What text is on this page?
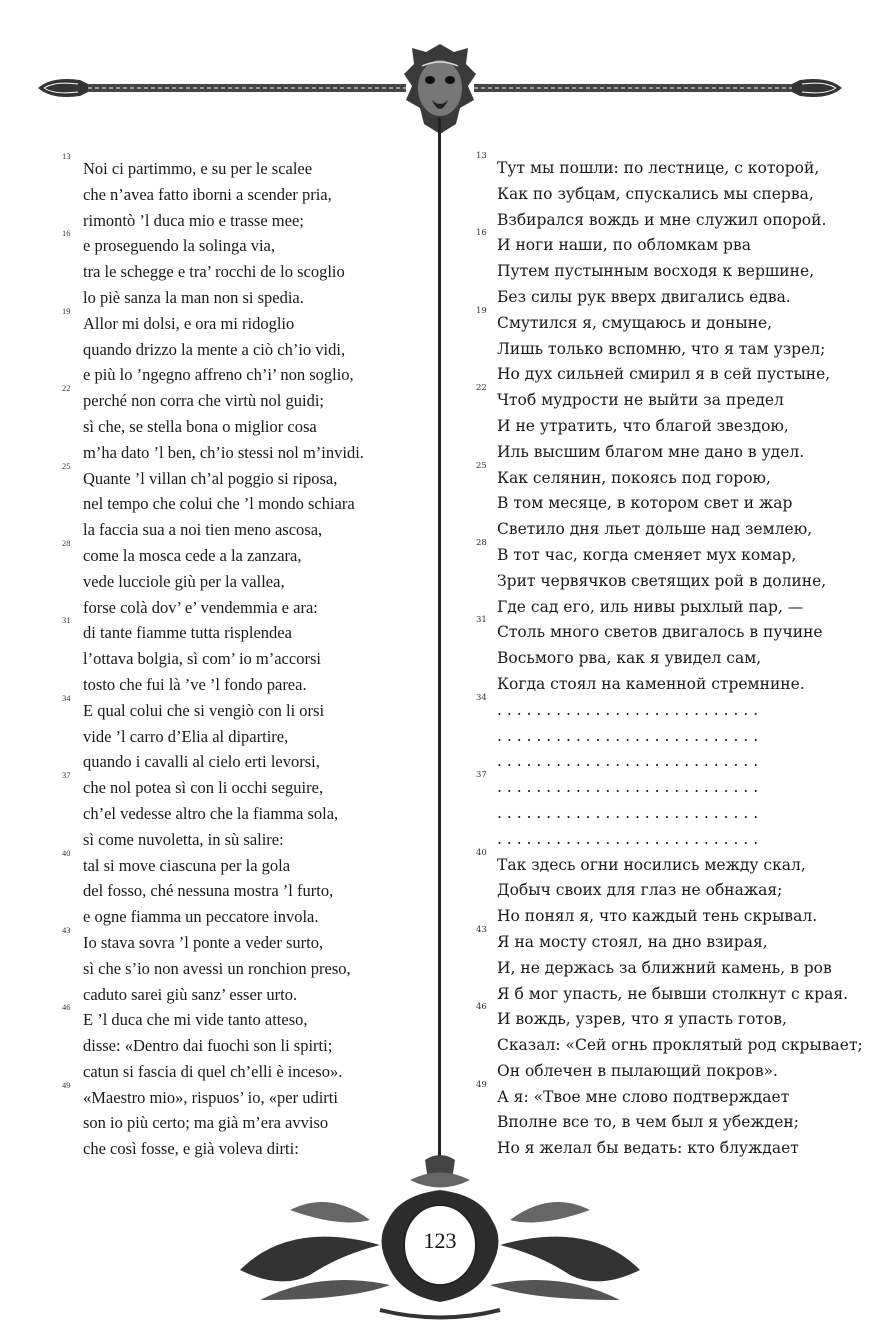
13
Noi ci partimmo, e su per le scalee
che n’avea fatto iborni a scender pria,
rimontò ’l duca mio e trasse mee;
16
e proseguendo la solinga via,
tra le schegge e tra’ rocchi de lo scoglio
lo piè sanza la man non si spedia.
19
Allor mi dolsi, e ora mi ridoglio
quando drizzo la mente a ciò ch’io vidi,
e più lo ’ngegno affreno ch’i’ non soglio,
22
perché non corra che virtù nol guidi;
sì che, se stella bona o miglior cosa
m’ha dato ’l ben, ch’io stessi nol m’invidi.
25
Quante ’l villan ch’al poggio si riposa,
nel tempo che colui che ’l mondo schiara
la faccia sua a noi tien meno ascosa,
28
come la mosca cede a la zanzara,
vede lucciole giù per la vallea,
forse colà dov’ e’ vendemmia e ara:
31
di tante fiamme tutta risplendea
l’ottava bolgia, sì com’ io m’accorsi
tosto che fui là ’ve ’l fondo parea.
34
E qual colui che si vengiò con li orsi
vide ’l carro d’Elia al dipartire,
quando i cavalli al cielo erti levorsi,
37
che nol potea sì con li occhi seguire,
ch’el vedesse altro che la fiamma sola,
sì come nuvoletta, in sù salire:
40
tal si move ciascuna per la gola
del fosso, ché nessuna mostra ’l furto,
e ogne fiamma un peccatore invola.
43
Io stava sovra ’l ponte a veder surto,
sì che s’io non avessi un ronchion preso,
caduto sarei giù sanz’ esser urto.
46
E ’l duca che mi vide tanto atteso,
disse: «Dentro dai fuochi son li spirti;
catun si fascia di quel ch’elli è inceso».
49
«Maestro mio», rispuos’ io, «per udirti
son io più certo; ma già m’era avviso
che così fosse, e già voleva dirti:
13
Тут мы пошли: по лестнице, с которой,
Как по зубцам, спускались мы сперва,
Взбирался вождь и мне служил опорой.
16
И ноги наши, по обломкам рва
Путем пустынным восходя к вершине,
Без силы рук вверх двигались едва.
19
Смутился я, смущаюсь и доныне,
Лишь только вспомню, что я там узрел;
Но дух сильней смирил я в сей пустыне,
22
Чтоб мудрости не выйти за предел
И не утратить, что благой звездою,
Иль высшим благом мне дано в удел.
25
Как селянин, покоясь под горою,
В том месяце, в котором свет и жар
Светило дня льет дольше над землею,
28
В тот час, когда сменяет мух комар,
Зрит червячков светящих рой в долине,
Где сад его, иль нивы рыхлый пар, —
31
Столь много светов двигалось в пучине
Восьмого рва, как я увидел сам,
Когда стоял на каменной стремнине.
34
. . . . . . . . . . . . . . . . . . . . . . . . . . .
. . . . . . . . . . . . . . . . . . . . . . . . . . .
. . . . . . . . . . . . . . . . . . . . . . . . . . .
37
. . . . . . . . . . . . . . . . . . . . . . . . . . .
. . . . . . . . . . . . . . . . . . . . . . . . . . .
. . . . . . . . . . . . . . . . . . . . . . . . . . .
40
Так здесь огни носились между скал,
Добыч своих для глаз не обнажая;
Но понял я, что каждый тень скрывал.
43
Я на мосту стоял, на дно взирая,
И, не держась за ближний камень, в ров
Я б мог упасть, не бывши столкнут с края.
46
И вождь, узрев, что я упасть готов,
Сказал: «Сей огнь проклятый род скрывает;
Он облечен в пылающий покров».
49
А я: «Твое мне слово подтверждает
Вполне все то, в чем был я убежден;
Но я желал бы ведать: кто блуждает
123
